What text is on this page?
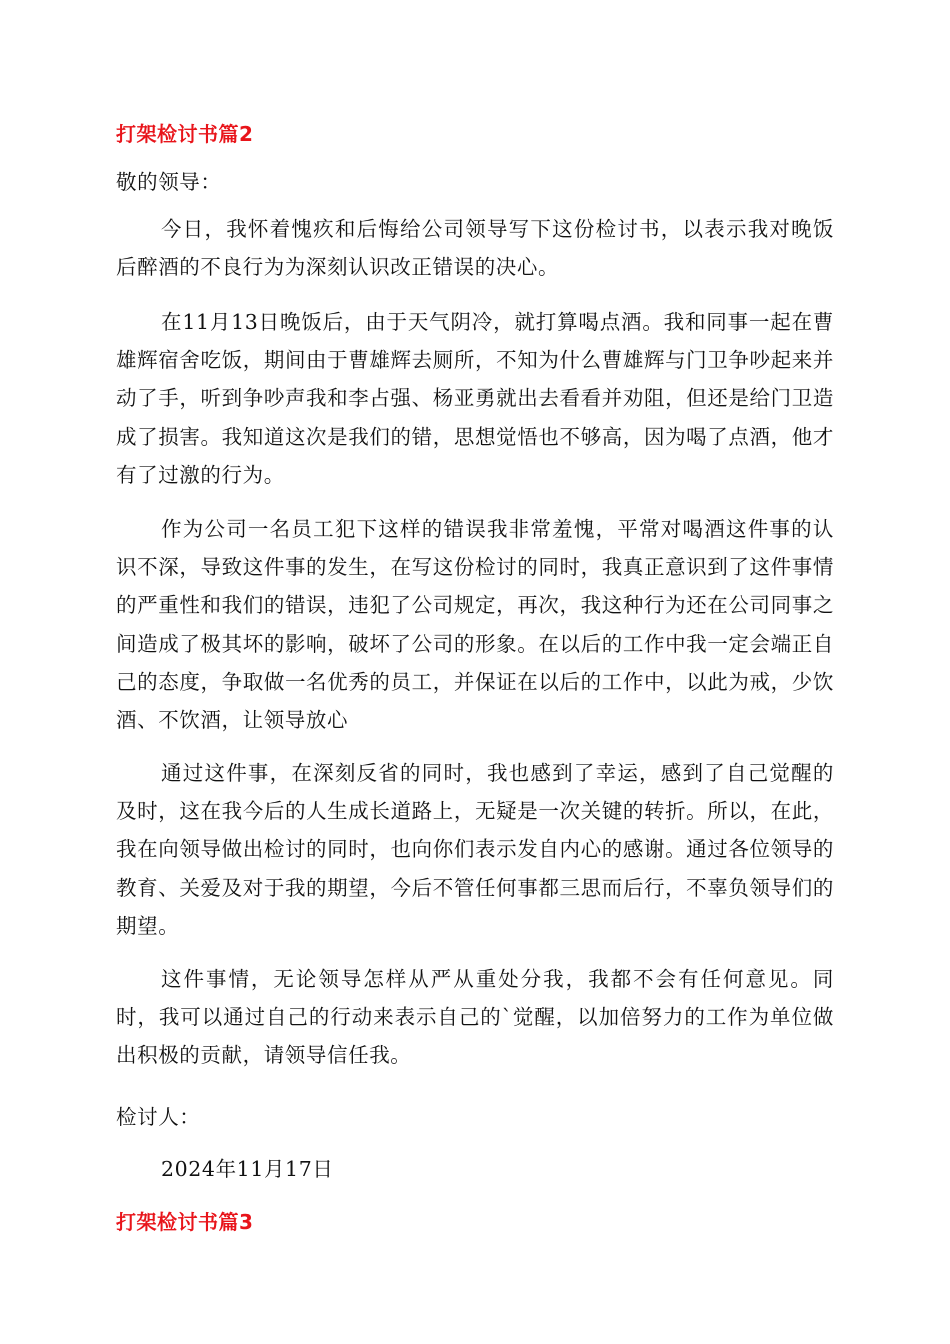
打架检讨书篇2
敬的领导：
今日，我怀着愧疚和后悔给公司领导写下这份检讨书，以表示我对晚饭后醉酒的不良行为为深刻认识改正错误的决心。
在11月13日晚饭后，由于天气阴冷，就打算喝点酒。我和同事一起在曹雄辉宿舍吃饭，期间由于曹雄辉去厕所，不知为什么曹雄辉与门卫争吵起来并动了手，听到争吵声我和李占强、杨亚勇就出去看看并劝阻，但还是给门卫造成了损害。我知道这次是我们的错，思想觉悟也不够高，因为喝了点酒，他才有了过激的行为。
作为公司一名员工犯下这样的错误我非常羞愧，平常对喝酒这件事的认识不深，导致这件事的发生，在写这份检讨的同时，我真正意识到了这件事情的严重性和我们的错误，违犯了公司规定，再次，我这种行为还在公司同事之间造成了极其坏的影响，破坏了公司的形象。在以后的工作中我一定会端正自己的态度，争取做一名优秀的员工，并保证在以后的工作中，以此为戒，少饮酒、不饮酒，让领导放心
通过这件事，在深刻反省的同时，我也感到了幸运，感到了自己觉醒的及时，这在我今后的人生成长道路上，无疑是一次关键的转折。所以，在此，我在向领导做出检讨的同时，也向你们表示发自内心的感谢。通过各位领导的教育、关爱及对于我的期望，今后不管任何事都三思而后行，不辜负领导们的期望。
这件事情，无论领导怎样从严从重处分我，我都不会有任何意见。同时，我可以通过自己的行动来表示自己的`觉醒，以加倍努力的工作为单位做出积极的贡献，请领导信任我。
检讨人：
2024年11月17日
打架检讨书篇3
